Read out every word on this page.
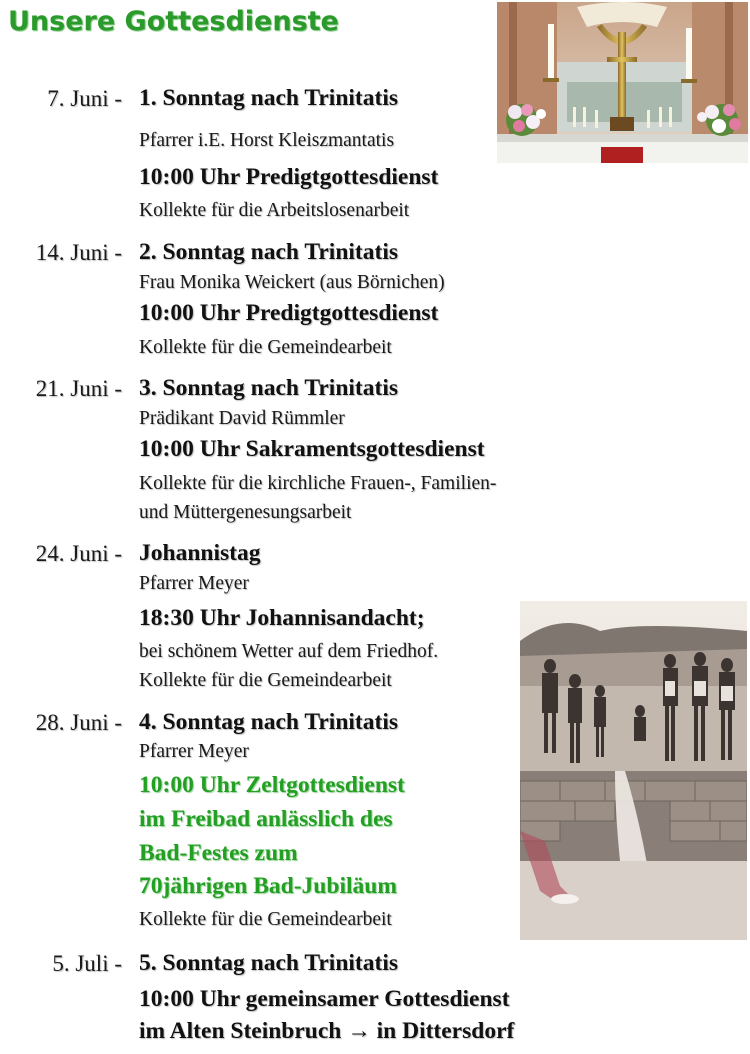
Unsere Gottesdienste
7. Juni - 1. Sonntag nach Trinitatis
Pfarrer i.E. Horst Kleiszmantatis
10:00 Uhr Predigtgottesdienst
Kollekte für die Arbeitslosenarbeit
14. Juni - 2. Sonntag nach Trinitatis
Frau Monika Weickert (aus Börnichen)
10:00 Uhr Predigtgottesdienst
Kollekte für die Gemeindearbeit
21. Juni - 3. Sonntag nach Trinitatis
Prädikant David Rümmler
10:00 Uhr Sakramentsgottesdienst
Kollekte für die kirchliche Frauen-, Familien-
und Müttergenesungsarbeit
24. Juni - Johannistag
Pfarrer Meyer
18:30 Uhr Johannisandacht;
bei schönem Wetter auf dem Friedhof.
Kollekte für die Gemeindearbeit
28. Juni - 4. Sonntag nach Trinitatis
Pfarrer Meyer
10:00 Uhr Zeltgottesdienst
im Freibad anlässlich des
Bad-Festes zum
70jährigen Bad-Jubiläum
Kollekte für die Gemeindearbeit
5. Juli - 5. Sonntag nach Trinitatis
10:00 Uhr gemeinsamer Gottesdienst
im Alten Steinbruch → in Dittersdorf
